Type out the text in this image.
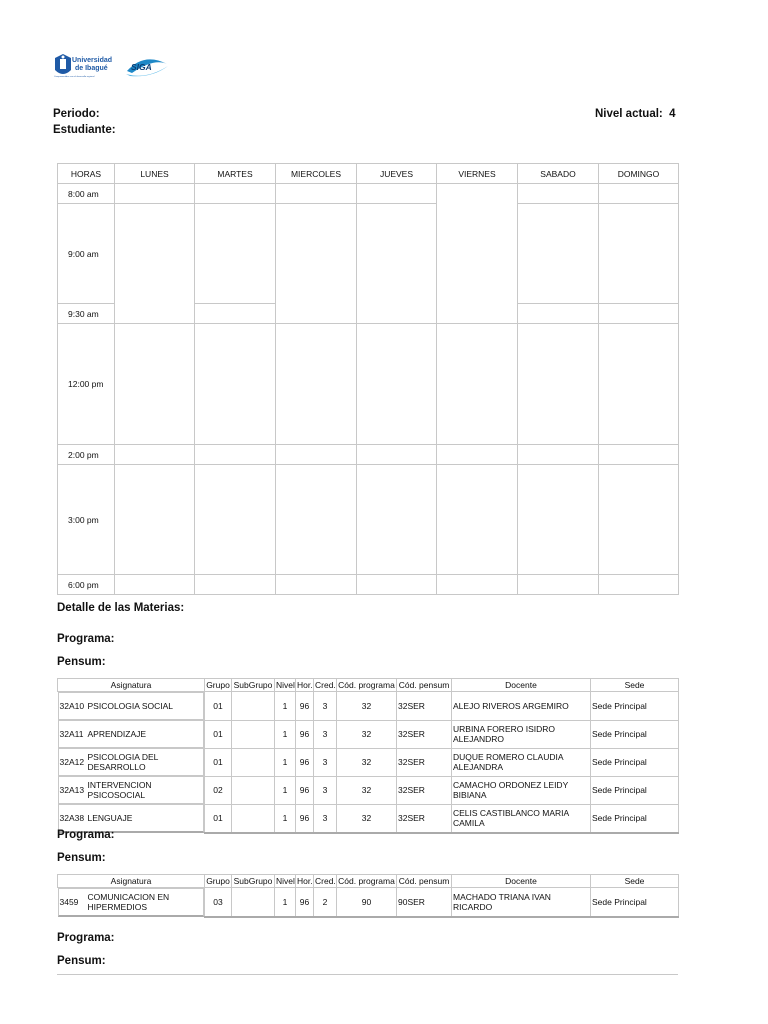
Universidad
de Ibagué
Comprometidos con el desarrollo regional
SIGA
Periodo:
Estudiante:
Nivel actual: 4
HORAS	LUNES	MARTES	MIERCOLES	JUEVES	VIERNES	SABADO	DOMINGO
8:00 am							
9:00 am							
9:30 am							
12:00 pm							
2:00 pm							
3:00 pm							
6:00 pm							
Detalle de las Materias:
Programa:
Pensum:
Asignatura	Grupo	SubGrupo	Nivel	Hor.	Cred.	Cód. programa	Cód. pensum	Docente	Sede

32A10 PSICOLOGIA SOCIAL	01		1	96	3	32	32SER	ALEJO RIVEROS ARGEMIRO	Sede Principal

32A11 APRENDIZAJE	01		1	96	3	32	32SER	URBINA FORERO ISIDRO ALEJANDRO	Sede Principal

32A12 PSICOLOGIA DEL DESARROLLO	01		1	96	3	32	32SER	DUQUE ROMERO CLAUDIA ALEJANDRA	Sede Principal

32A13 INTERVENCION PSICOSOCIAL	02		1	96	3	32	32SER	CAMACHO ORDONEZ LEIDY BIBIANA	Sede Principal

32A38 LENGUAJE	01		1	96	3	32	32SER	CELIS CASTIBLANCO MARIA CAMILA	Sede Principal
Programa:
Pensum:
Asignatura	Grupo	SubGrupo	Nivel	Hor.	Cred.	Cód. programa	Cód. pensum	Docente	Sede

3459	COMUNICACION EN HIPERMEDIOS	03		1	96	2	90	90SER	MACHADO TRIANA IVAN RICARDO	Sede Principal
Programa:
Pensum:
